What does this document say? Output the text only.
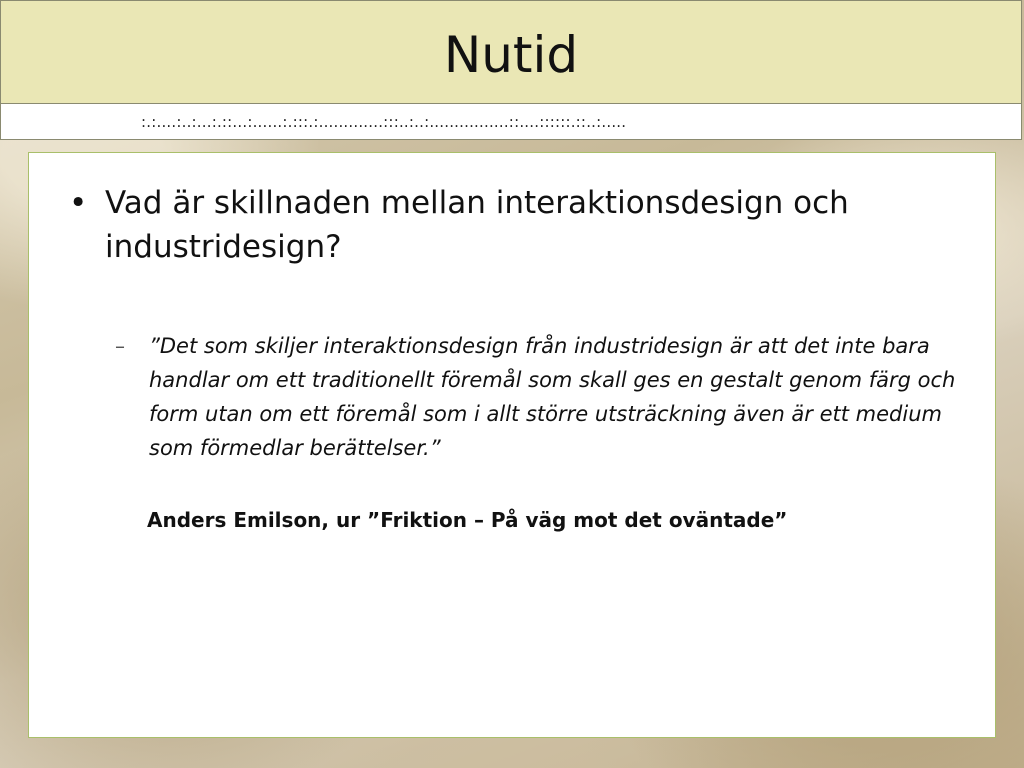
Nutid
:.:....:..:...:.::...:......:.:::.:.............:::..:..:................::....::::::.::..:.....
• Vad är skillnaden mellan interaktionsdesign och industridesign?
– ”Det som skiljer interaktionsdesign från industridesign är att det inte bara handlar om ett traditionellt föremål som skall ges en gestalt genom färg och form utan om ett föremål som i allt större utsträckning även är ett medium som förmedlar berättelser.”
Anders Emilson, ur ”Friktion – På väg mot det oväntade”
